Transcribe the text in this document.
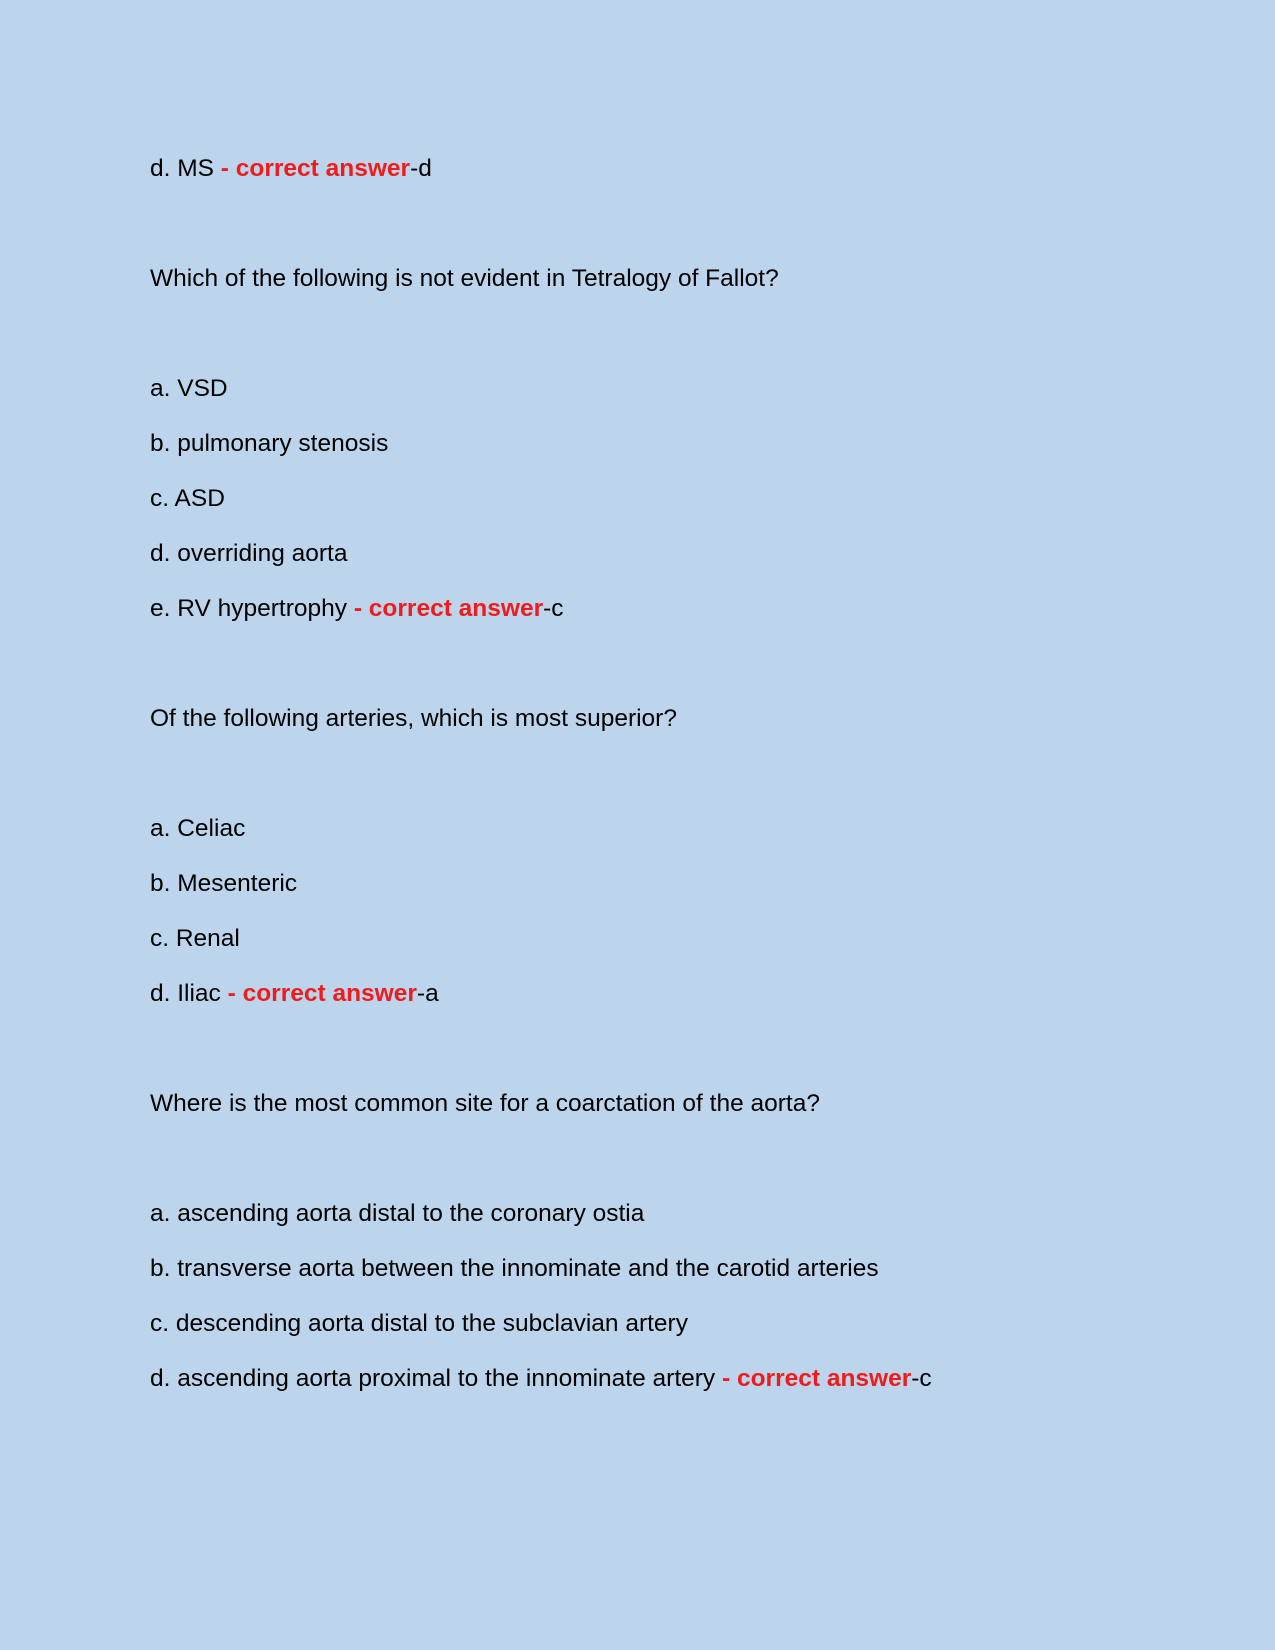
d. MS - correct answer-d
Which of the following is not evident in Tetralogy of Fallot?
a. VSD
b. pulmonary stenosis
c. ASD
d. overriding aorta
e. RV hypertrophy - correct answer-c
Of the following arteries, which is most superior?
a. Celiac
b. Mesenteric
c. Renal
d. Iliac - correct answer-a
Where is the most common site for a coarctation of the aorta?
a. ascending aorta distal to the coronary ostia
b. transverse aorta between the innominate and the carotid arteries
c. descending aorta distal to the subclavian artery
d. ascending aorta proximal to the innominate artery - correct answer-c
